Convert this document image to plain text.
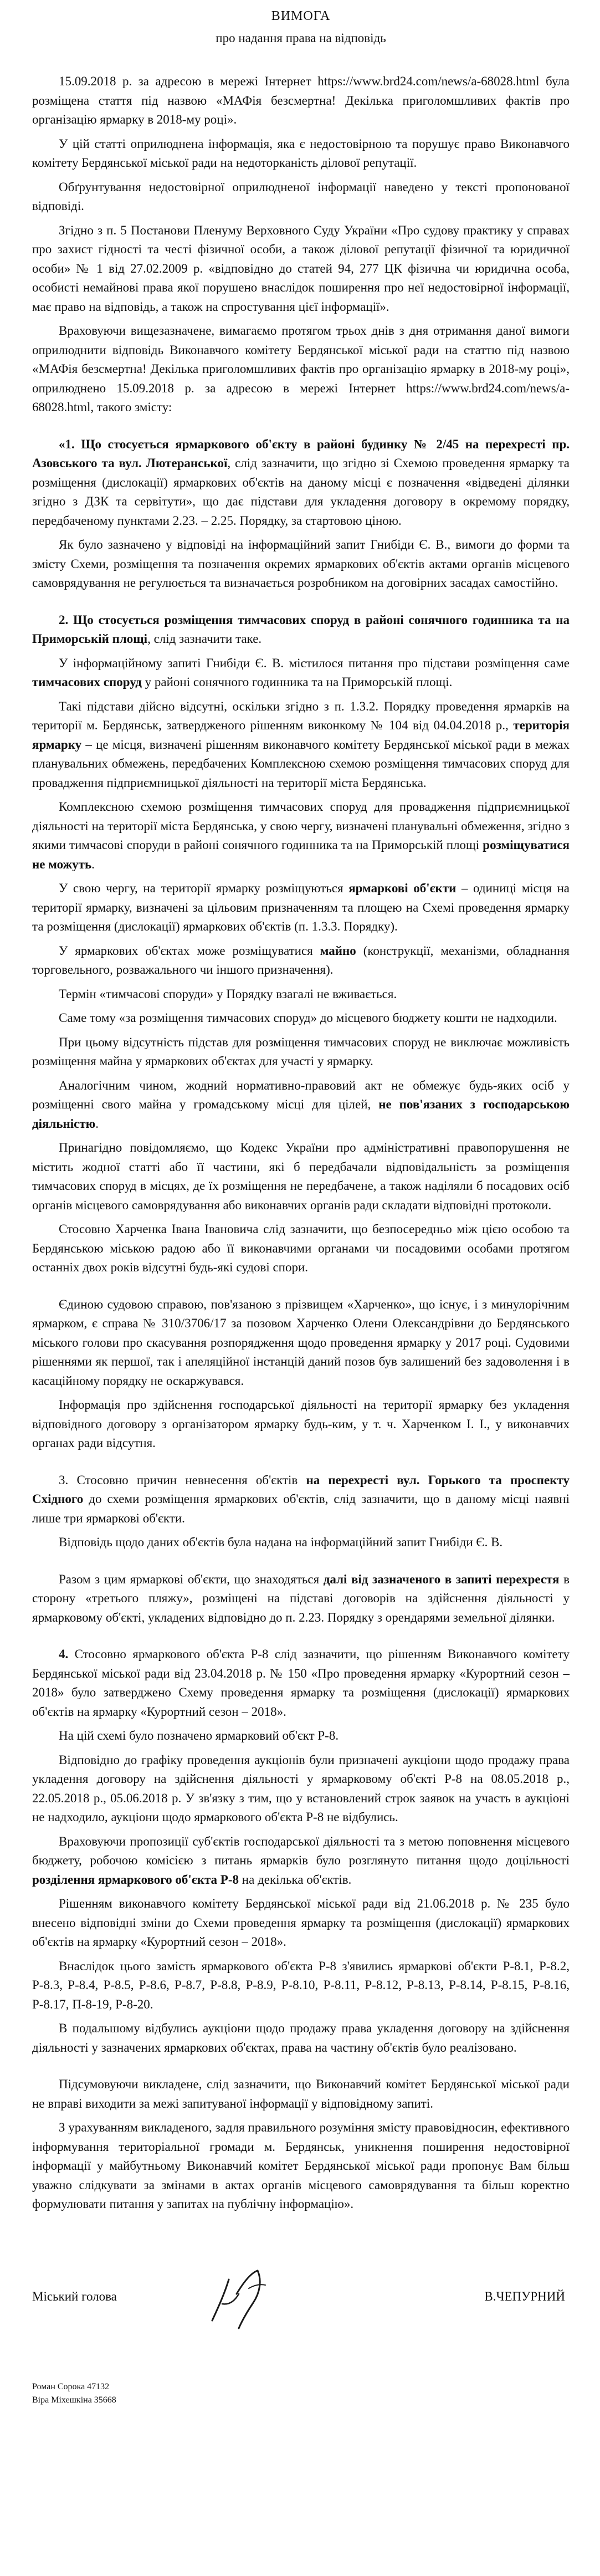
ВИМОГА
про надання права на відповідь

15.09.2018 р. за адресою в мережі Інтернет https://www.brd24.com/news/a-68028.html була розміщена стаття під назвою «МАФія безсмертна! Декілька приголомшливих фактів про організацію ярмарку в 2018-му році».

У цій статті оприлюднена інформація, яка є недостовірною та порушує право Виконавчого комітету Бердянської міської ради на недоторканість ділової репутації.

Обґрунтування недостовірної оприлюдненої інформації наведено у тексті пропонованої відповіді.

Згідно з п. 5 Постанови Пленуму Верховного Суду України «Про судову практику у справах про захист гідності та честі фізичної особи, а також ділової репутації фізичної та юридичної особи» № 1 від 27.02.2009 р. «відповідно до статей 94, 277 ЦК фізична чи юридична особа, особисті немайнові права якої порушено внаслідок поширення про неї недостовірної інформації, має право на відповідь, а також на спростування цієї інформації».

Враховуючи вищезазначене, вимагаємо протягом трьох днів з дня отримання даної вимоги оприлюднити відповідь Виконавчого комітету Бердянської міської ради на статтю під назвою «МАФія безсмертна! Декілька приголомшливих фактів про організацію ярмарку в 2018-му році», оприлюднено 15.09.2018 р. за адресою в мережі Інтернет https://www.brd24.com/news/a-68028.html, такого змісту:

«1. Що стосується ярмаркового об'єкту в районі будинку № 2/45 на перехресті пр. Азовського та вул. Лютеранської, слід зазначити, що згідно зі Схемою проведення ярмарку та розміщення (дислокації) ярмаркових об'єктів на даному місці є позначення «відведені ділянки згідно з ДЗК та сервітути», що дає підстави для укладення договору в окремому порядку, передбаченому пунктами 2.23. – 2.25. Порядку, за стартовою ціною.

Як було зазначено у відповіді на інформаційний запит Гнибіди Є. В., вимоги до форми та змісту Схеми, розміщення та позначення окремих ярмаркових об'єктів актами органів місцевого самоврядування не регулюється та визначається розробником на договірних засадах самостійно.

2. Що стосується розміщення тимчасових споруд в районі сонячного годинника та на Приморській площі, слід зазначити таке.

У інформаційному запиті Гнибіди Є. В. містилося питання про підстави розміщення саме тимчасових споруд у районі сонячного годинника та на Приморській площі.

Такі підстави дійсно відсутні, оскільки згідно з п. 1.3.2. Порядку проведення ярмарків на території м. Бердянськ, затвердженого рішенням виконкому № 104 від 04.04.2018 р., територія ярмарку – це місця, визначені рішенням виконавчого комітету Бердянської міської ради в межах планувальних обмежень, передбачених Комплексною схемою розміщення тимчасових споруд для провадження підприємницької діяльності на території міста Бердянська.

Комплексною схемою розміщення тимчасових споруд для провадження підприємницької діяльності на території міста Бердянська, у свою чергу, визначені планувальні обмеження, згідно з якими тимчасові споруди в районі сонячного годинника та на Приморській площі розміщуватися не можуть.

У свою чергу, на території ярмарку розміщуються ярмаркові об'єкти – одиниці місця на території ярмарку, визначені за цільовим призначенням та площею на Схемі проведення ярмарку та розміщення (дислокації) ярмаркових об'єктів (п. 1.3.3. Порядку).

У ярмаркових об'єктах може розміщуватися майно (конструкції, механізми, обладнання торговельного, розважального чи іншого призначення).

Термін «тимчасові споруди» у Порядку взагалі не вживається.

Саме тому «за розміщення тимчасових споруд» до місцевого бюджету кошти не надходили.

При цьому відсутність підстав для розміщення тимчасових споруд не виключає можливість розміщення майна у ярмаркових об'єктах для участі у ярмарку.

Аналогічним чином, жодний нормативно-правовий акт не обмежує будь-яких осіб у розміщенні свого майна у громадському місці для цілей, не пов'язаних з господарською діяльністю.

Принагідно повідомляємо, що Кодекс України про адміністративні правопорушення не містить жодної статті або її частини, які б передбачали відповідальність за розміщення тимчасових споруд в місцях, де їх розміщення не передбачене, а також наділяли б посадових осіб органів місцевого самоврядування або виконавчих органів ради складати відповідні протоколи.

Стосовно Харченка Івана Івановича слід зазначити, що безпосередньо між цією особою та Бердянською міською радою або її виконавчими органами чи посадовими особами протягом останніх двох років відсутні будь-які судові спори.

Єдиною судовою справою, пов'язаною з прізвищем «Харченко», що існує, і з минулорічним ярмарком, є справа № 310/3706/17 за позовом Харченко Олени Олександрівни до Бердянського міського голови про скасування розпорядження щодо проведення ярмарку у 2017 році. Судовими рішеннями як першої, так і апеляційної інстанцій даний позов був залишений без задоволення і в касаційному порядку не оскаржувався.

Інформація про здійснення господарської діяльності на території ярмарку без укладення відповідного договору з організатором ярмарку будь-ким, у т. ч. Харченком І. І., у виконавчих органах ради відсутня.

3. Стосовно причин невнесення об'єктів на перехресті вул. Горького та проспекту Східного до схеми розміщення ярмаркових об'єктів, слід зазначити, що в даному місці наявні лише три ярмаркові об'єкти.

Відповідь щодо даних об'єктів була надана на інформаційний запит Гнибіди Є. В.

Разом з цим ярмаркові об'єкти, що знаходяться далі від зазначеного в запиті перехрестя в сторону «третього пляжу», розміщені на підставі договорів на здійснення діяльності у ярмарковому об'єкті, укладених відповідно до п. 2.23. Порядку з орендарями земельної ділянки.

4. Стосовно ярмаркового об'єкта Р-8 слід зазначити, що рішенням Виконавчого комітету Бердянської міської ради від 23.04.2018 р. № 150 «Про проведення ярмарку «Курортний сезон – 2018» було затверджено Схему проведення ярмарку та розміщення (дислокації) ярмаркових об'єктів на ярмарку «Курортний сезон – 2018».

На цій схемі було позначено ярмарковий об'єкт Р-8.

Відповідно до графіку проведення аукціонів були призначені аукціони щодо продажу права укладення договору на здійснення діяльності у ярмарковому об'єкті Р-8 на 08.05.2018 р., 22.05.2018 р., 05.06.2018 р. У зв'язку з тим, що у встановлений строк заявок на участь в аукціоні не надходило, аукціони щодо ярмаркового об'єкта Р-8 не відбулись.

Враховуючи пропозиції суб'єктів господарської діяльності та з метою поповнення місцевого бюджету, робочою комісією з питань ярмарків було розглянуто питання щодо доцільності розділення ярмаркового об'єкта Р-8 на декілька об'єктів.

Рішенням виконавчого комітету Бердянської міської ради від 21.06.2018 р. № 235 було внесено відповідні зміни до Схеми проведення ярмарку та розміщення (дислокації) ярмаркових об'єктів на ярмарку «Курортний сезон – 2018».

Внаслідок цього замість ярмаркового об'єкта Р-8 з'явились ярмаркові об'єкти Р-8.1, Р-8.2, Р-8.3, Р-8.4, Р-8.5, Р-8.6, Р-8.7, Р-8.8, Р-8.9, Р-8.10, Р-8.11, Р-8.12, Р-8.13, Р-8.14, Р-8.15, Р-8.16, Р-8.17, П-8-19, Р-8-20.

В подальшому відбулись аукціони щодо продажу права укладення договору на здійснення діяльності у зазначених ярмаркових об'єктах, права на частину об'єктів було реалізовано.

Підсумовуючи викладене, слід зазначити, що Виконавчий комітет Бердянської міської ради не вправі виходити за межі запитуваної інформації у відповідному запиті.

З урахуванням викладеного, задля правильного розуміння змісту правовідносин, ефективного інформування територіальної громади м. Бердянськ, уникнення поширення недостовірної інформації у майбутньому Виконавчий комітет Бердянської міської ради пропонує Вам більш уважно слідкувати за змінами в актах органів місцевого самоврядування та більш коректно формулювати питання у запитах на публічну інформацію».

Міський голова	В.ЧЕПУРНИЙ
Роман Сорока 47132
Віра Міхешкіна 35668
